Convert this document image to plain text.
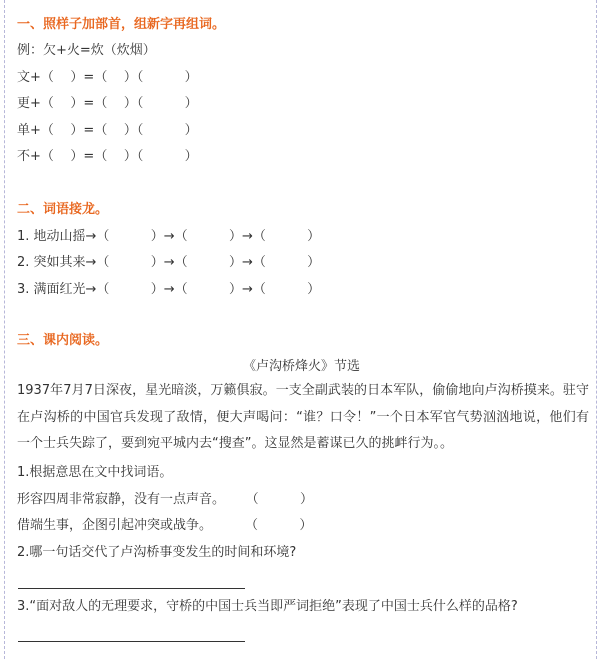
一、照样子加部首，组新字再组词。
例：欠+火=炊（炊烟）
文+（    ）=（    ）（          ）
更+（    ）=（    ）（          ）
单+（    ）=（    ）（          ）
不+（    ）=（    ）（          ）
二、词语接龙。
1. 地动山摇→（          ）→（          ）→（          ）
2. 突如其来→（          ）→（          ）→（          ）
3. 满面红光→（          ）→（          ）→（          ）
三、课内阅读。
《卢沟桥烽火》节选
1937年7月7日深夜，星光暗淡，万籁俱寂。一支全副武装的日本军队，偷偷地向卢沟桥摸来。驻守在卢沟桥的中国官兵发现了敌情，便大声喝问：“谁？口令！”一个日本军官气势汹汹地说，他们有一个士兵失踪了，要到宛平城内去“搜查”。这显然是蓄谋已久的挑衅行为。。
1.根据意思在文中找词语。
形容四周非常寂静，没有一点声音。     （          ）
借端生事，企图引起冲突或战争。        （          ）
2.哪一句话交代了卢沟桥事变发生的时间和环境?
3.“面对敌人的无理要求，守桥的中国士兵当即严词拒绝”表现了中国士兵什么样的品格?
